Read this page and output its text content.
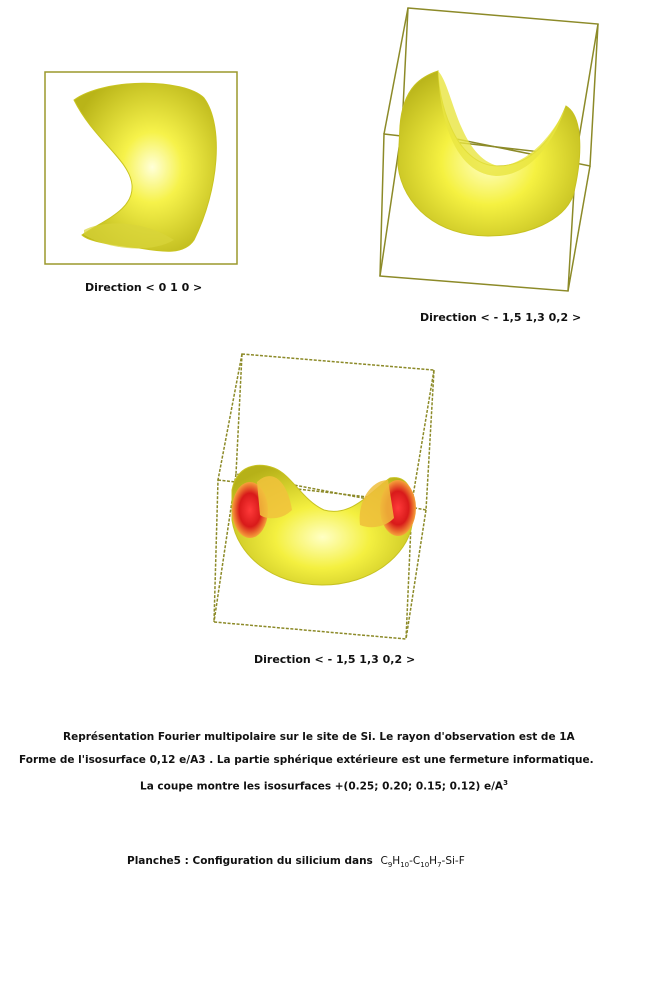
Direction < 0 1 0 >
Direction < - 1,5 1,3 0,2 >
Direction < - 1,5 1,3 0,2 >
Représentation Fourier multipolaire sur le site de Si. Le rayon d'observation est de 1A
Forme de l'isosurface 0,12 e/A3 . La partie sphérique extérieure est une fermeture informatique.
La coupe montre les isosurfaces +(0.25; 0.20; 0.15; 0.12) $e/A^3$
Planche5 : Configuration du silicium dans $C_9H_{10}-C_{10}H_7-Si-F$
